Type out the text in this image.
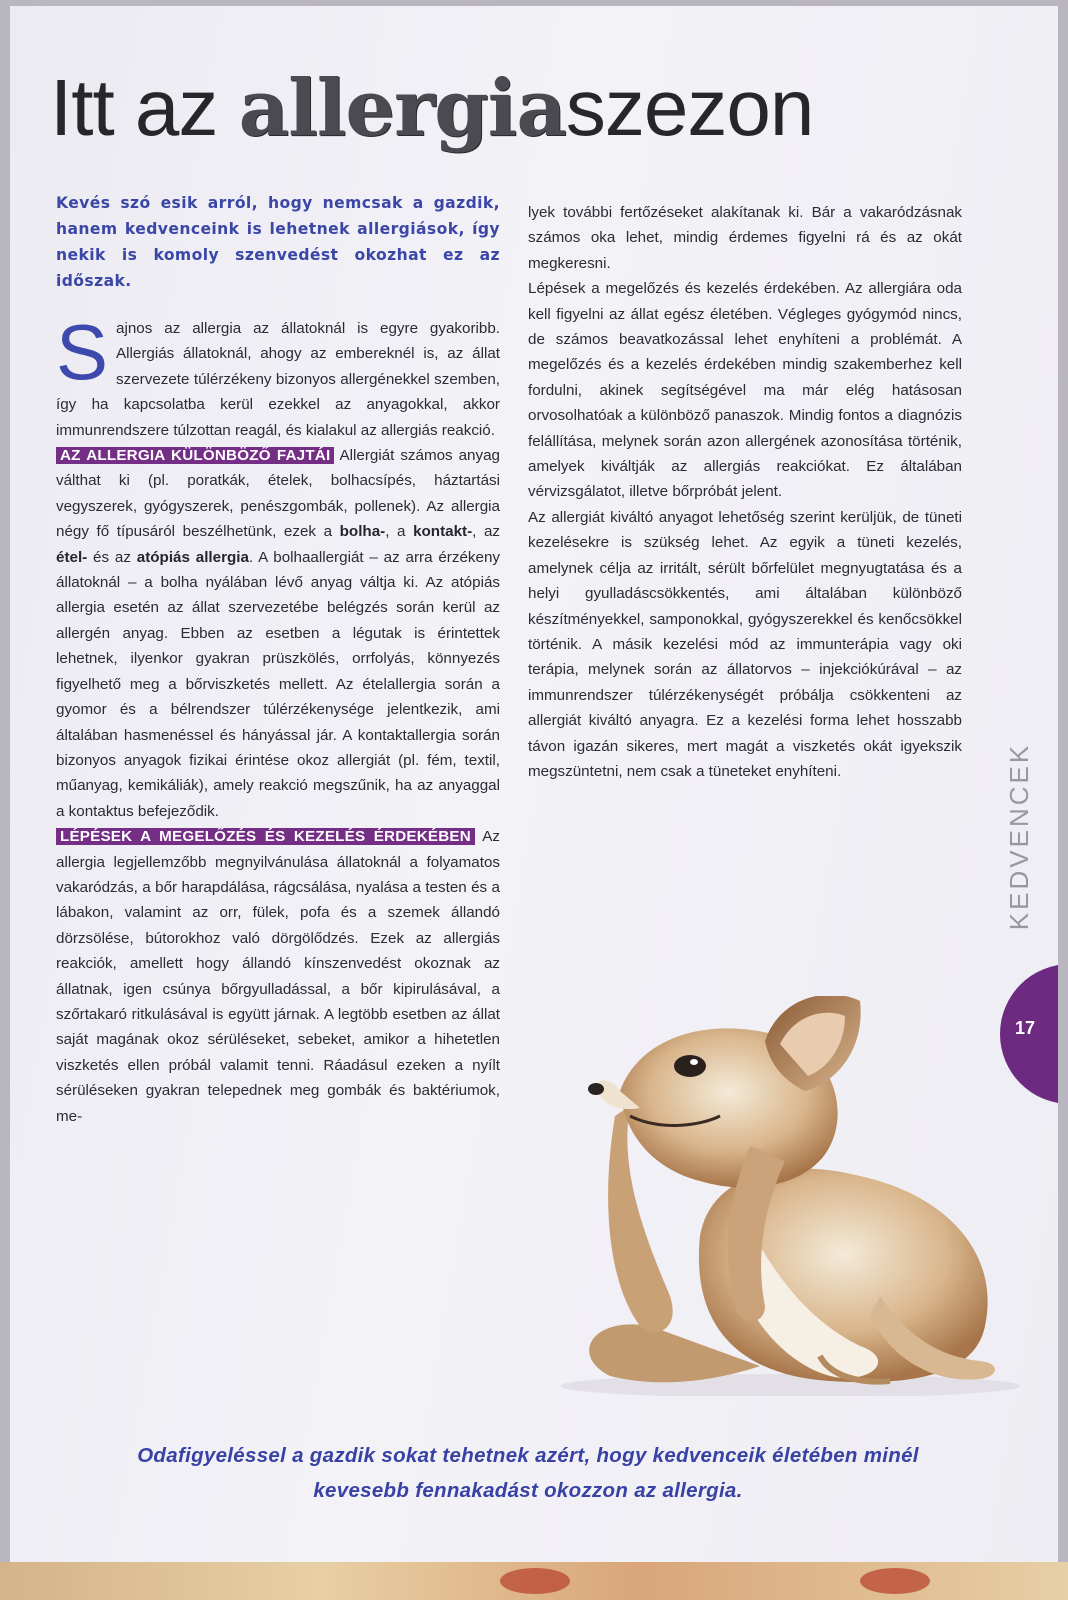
Itt az allergiaszezon

Kevés szó esik arról, hogy nemcsak a gazdik, hanem kedvenceink is lehetnek allergiások, így nekik is komoly szenvedést okozhat ez az időszak.

Sajnos az allergia az állatoknál is egyre gyakoribb. Allergiás állatoknál, ahogy az embereknél is, az állat szervezete túlérzékeny bizonyos allergénekkel szemben, így ha kapcsolatba kerül ezekkel az anyagokkal, akkor immunrendszere túlzottan reagál, és kialakul az allergiás reakció.

AZ ALLERGIA KÜLÖNBÖZŐ FAJTÁI Allergiát számos anyag válthat ki (pl. poratkák, ételek, bolhacsípés, háztartási vegyszerek, gyógyszerek, penészgombák, pollenek). Az allergia négy fő típusáról beszélhetünk, ezek a bolha-, a kontakt-, az étel- és az atópiás allergia. A bolhaallergiát – az arra érzékeny állatoknál – a bolha nyálában lévő anyag váltja ki. Az atópiás allergia esetén az állat szervezetébe belégzés során kerül az allergén anyag. Ebben az esetben a légutak is érintettek lehetnek, ilyenkor gyakran prüszkölés, orrfolyás, könnyezés figyelhető meg a bőrviszketés mellett. Az ételallergia során a gyomor és a bélrendszer túlérzékenysége jelentkezik, ami általában hasmenéssel és hányással jár. A kontaktallergia során bizonyos anyagok fizikai érintése okoz allergiát (pl. fém, textil, műanyag, kemikáliák), amely reakció megszűnik, ha az anyaggal a kontaktus befejeződik.

LÉPÉSEK A MEGELŐZÉS ÉS KEZELÉS ÉRDEKÉBEN Az allergia legjellemzőbb megnyilvánulása állatoknál a folyamatos vakaródzás, a bőr harapdálása, rágcsálása, nyalása a testen és a lábakon, valamint az orr, fülek, pofa és a szemek állandó dörzsölése, bútorokhoz való dörgölődzés. Ezek az allergiás reakciók, amellett hogy állandó kínszenvedést okoznak az állatnak, igen csúnya bőrgyulladással, a bőr kipirulásával, a szőrtakaró ritkulásával is együtt járnak. A legtöbb esetben az állat saját magának okoz sérüléseket, sebeket, amikor a hihetetlen viszketés ellen próbál valamit tenni. Ráadásul ezeken a nyílt sérüléseken gyakran telepednek meg gombák és baktériumok, me-

lyek további fertőzéseket alakítanak ki. Bár a vakaródzásnak számos oka lehet, mindig érdemes figyelni rá és az okát megkeresni.

Lépések a megelőzés és kezelés érdekében. Az allergiára oda kell figyelni az állat egész életében. Végleges gyógymód nincs, de számos beavatkozással lehet enyhíteni a problémát. A megelőzés és a kezelés érdekében mindig szakemberhez kell fordulni, akinek segítségével ma már elég hatásosan orvosolhatóak a különböző panaszok. Mindig fontos a diagnózis felállítása, melynek során azon allergének azonosítása történik, amelyek kiváltják az allergiás reakciókat. Ez általában vérvizsgálatot, illetve bőrpróbát jelent.

Az allergiát kiváltó anyagot lehetőség szerint kerüljük, de tüneti kezelésekre is szükség lehet. Az egyik a tüneti kezelés, amelynek célja az irritált, sérült bőrfelület megnyugtatása és a helyi gyulladáscsökkentés, ami általában különböző készítményekkel, samponokkal, gyógyszerekkel és kenőcsökkel történik. A másik kezelési mód az immunterápia vagy oki terápia, melynek során az állatorvos – injekciókúrával – az immunrendszer túlérzékenységét próbálja csökkenteni az allergiát kiváltó anyagra. Ez a kezelési forma lehet hosszabb távon igazán sikeres, mert magát a viszketés okát igyekszik megszüntetni, nem csak a tüneteket enyhíteni.	KEDVENCEK
17

Odafigyeléssel a gazdik sokat tehetnek azért, hogy kedvenceik életében minél kevesebb fennakadást okozzon az allergia.
